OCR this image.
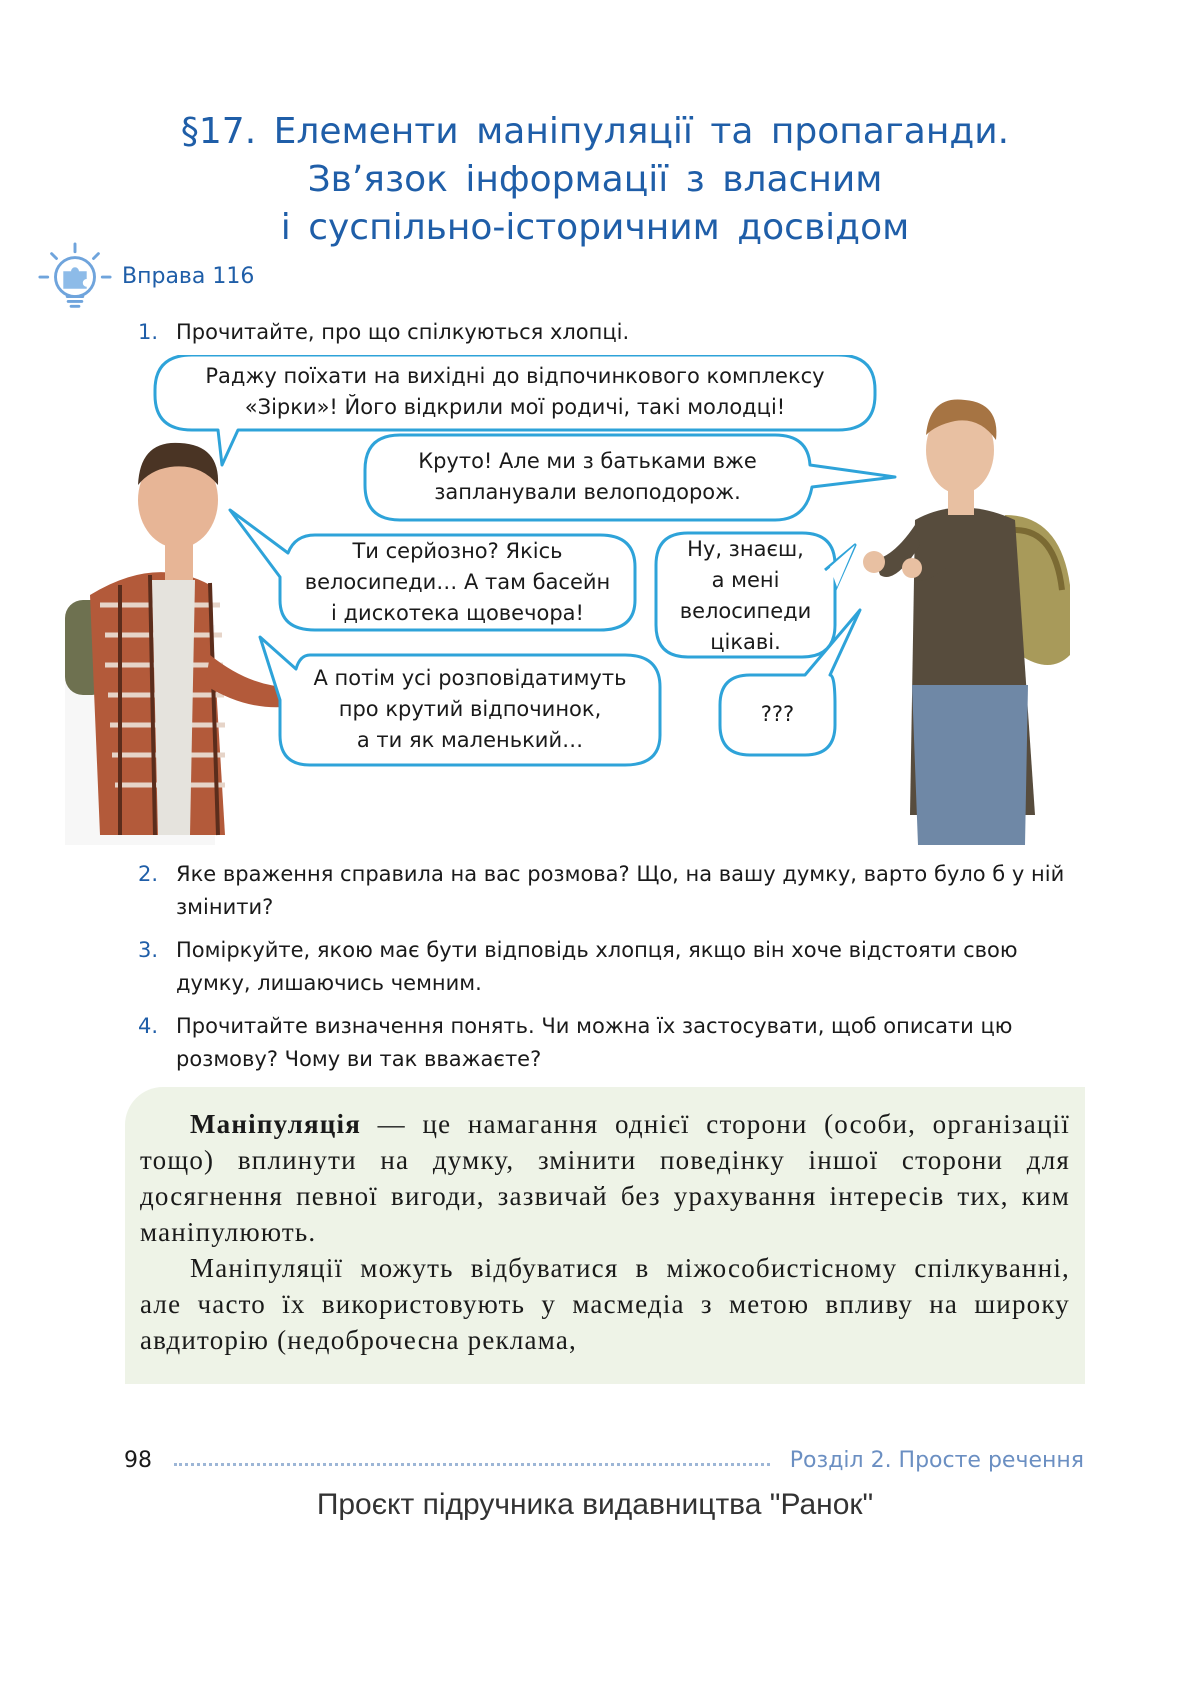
§17. Елементи маніпуляції та пропаганди.
Зв’язок інформації з власним
і суспільно-історичним досвідом
Вправа 116
1. Прочитайте, про що спілкуються хлопці.
Раджу поїхати на вихідні до відпочинкового комплексу
«Зірки»! Його відкрили мої родичі, такі молодці!
Круто! Але ми з батьками вже
запланували велоподорож.
Ти серйозно? Якісь
велосипеди… А там басейн
і дискотека щовечора!
Ну, знаєш,
а мені
велосипеди
цікаві.
А потім усі розповідатимуть
про крутий відпочинок,
а ти як маленький…
???
2. Яке враження справила на вас розмова? Що, на вашу думку, варто було б у ній змінити?
3. Поміркуйте, якою має бути відповідь хлопця, якщо він хоче відстояти свою думку, лишаючись чемним.
4. Прочитайте визначення понять. Чи можна їх застосувати, щоб описати цю розмову? Чому ви так вважаєте?

Маніпуляція — це намагання однієї сторони (особи, організації тощо) вплинути на думку, змінити поведінку іншої сторони для досягнення певної вигоди, зазвичай без урахування інтересів тих, ким маніпулюють.

Маніпуляції можуть відбуватися в міжособистісному спілкуванні, але часто їх використовують у масмедіа з метою впливу на широку авдиторію (недоброчесна реклама,

98	Розділ 2. Просте речення
Проєкт підручника видавництва "Ранок"
